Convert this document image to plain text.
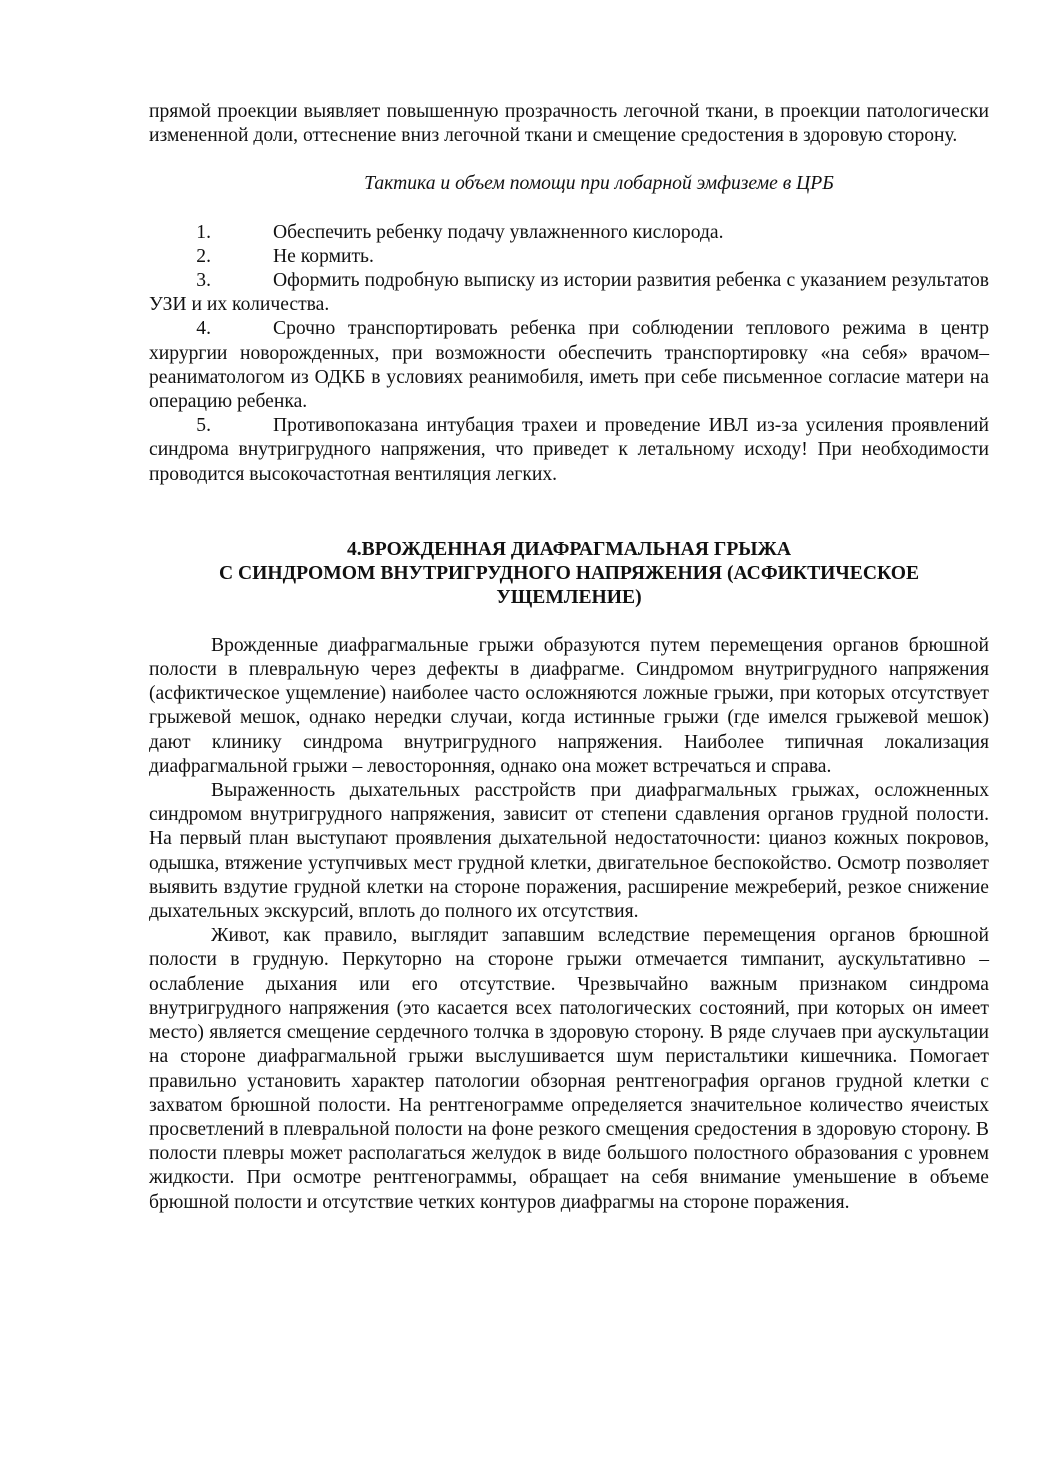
прямой проекции выявляет повышенную прозрачность легочной ткани, в проекции патологически измененной доли, оттеснение вниз легочной ткани и смещение средостения в здоровую сторону.

Тактика и объем помощи при лобарной эмфиземе в ЦРБ

1.	Обеспечить ребенку подачу увлажненного кислорода.

2.	Не кормить.

3.	Оформить подробную выписку из истории развития ребенка с указанием результатов УЗИ и их количества.

4.	Срочно транспортировать ребенка при соблюдении теплового режима в центр хирургии новорожденных, при возможности обеспечить транспортировку «на себя» врачом–реаниматологом из ОДКБ в условиях реанимобиля, иметь при себе письменное согласие матери на операцию ребенка.

5.	Противопоказана интубация трахеи и проведение ИВЛ из-за усиления проявлений синдрома внутригрудного напряжения, что приведет к летальному исходу! При необходимости проводится высокочастотная вентиляция легких.

4.ВРОЖДЕННАЯ ДИАФРАГМАЛЬНАЯ ГРЫЖА
С СИНДРОМОМ ВНУТРИГРУДНОГО НАПРЯЖЕНИЯ (АСФИКТИЧЕСКОЕ
УЩЕМЛЕНИЕ)

Врожденные диафрагмальные грыжи образуются путем перемещения органов брюшной полости в плевральную через дефекты в диафрагме. Синдромом внутригрудного напряжения (асфиктическое ущемление) наиболее часто осложняются ложные грыжи, при которых отсутствует грыжевой мешок, однако нередки случаи, когда истинные грыжи (где имелся грыжевой мешок) дают клинику синдрома внутригрудного напряжения. Наиболее типичная локализация диафрагмальной грыжи – левосторонняя, однако она может встречаться и справа.

Выраженность дыхательных расстройств при диафрагмальных грыжах, осложненных синдромом внутригрудного напряжения, зависит от степени сдавления органов грудной полости. На первый план выступают проявления дыхательной недостаточности: цианоз кожных покровов, одышка, втяжение уступчивых мест грудной клетки, двигательное беспокойство. Осмотр позволяет выявить вздутие грудной клетки на стороне поражения, расширение межреберий, резкое снижение дыхательных экскурсий, вплоть до полного их отсутствия.

Живот, как правило, выглядит запавшим вследствие перемещения органов брюшной полости в грудную. Перкуторно на стороне грыжи отмечается тимпанит, аускультативно – ослабление дыхания или его отсутствие. Чрезвычайно важным признаком синдрома внутригрудного напряжения (это касается всех патологических состояний, при которых он имеет место) является смещение сердечного толчка в здоровую сторону. В ряде случаев при аускультации на стороне диафрагмальной грыжи выслушивается шум перистальтики кишечника. Помогает правильно установить характер патологии обзорная рентгенография органов грудной клетки с захватом брюшной полости. На рентгенограмме определяется значительное количество ячеистых просветлений в плевральной полости на фоне резкого смещения средостения в здоровую сторону. В полости плевры может располагаться желудок в виде большого полостного образования с уровнем жидкости. При осмотре рентгенограммы, обращает на себя внимание уменьшение в объеме брюшной полости и отсутствие четких контуров диафрагмы на стороне поражения.
